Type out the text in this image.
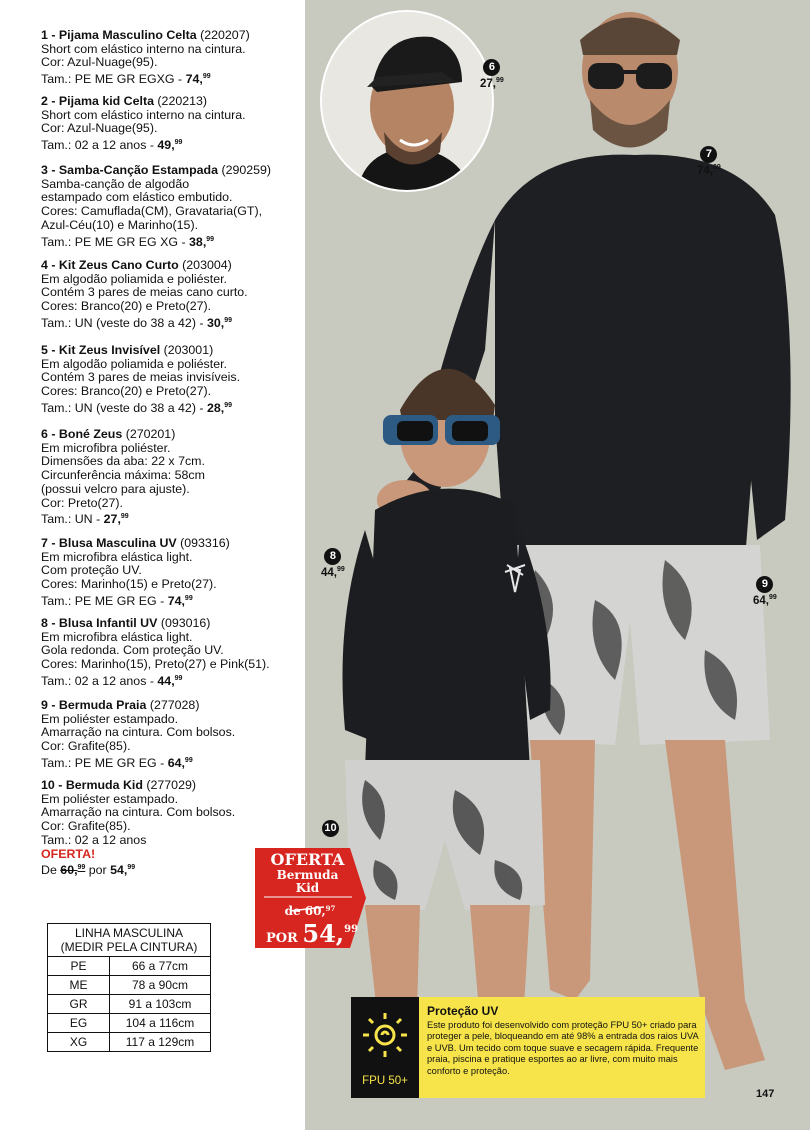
1 - Pijama Masculino Celta (220207)
Short com elástico interno na cintura.
Cor: Azul-Nuage(95).
Tam.: PE ME GR EGXG - 74,99
2 - Pijama kid Celta (220213)
Short com elástico interno na cintura.
Cor: Azul-Nuage(95).
Tam.: 02 a 12 anos - 49,99
3 - Samba-Canção Estampada (290259)
Samba-canção de algodão
estampado com elástico embutido.
Cores: Camuflada(CM), Gravataria(GT),
Azul-Céu(10) e Marinho(15).
Tam.: PE ME GR EG XG - 38,99
4 - Kit Zeus Cano Curto (203004)
Em algodão poliamida e poliéster.
Contém 3 pares de meias cano curto.
Cores: Branco(20) e Preto(27).
Tam.: UN (veste do 38 a 42) - 30,99
5 - Kit Zeus Invisível (203001)
Em algodão poliamida e poliéster.
Contém 3 pares de meias invisíveis.
Cores: Branco(20) e Preto(27).
Tam.: UN (veste do 38 a 42) - 28,99
6 - Boné Zeus (270201)
Em microfibra poliéster.
Dimensões da aba: 22 x 7cm.
Circunferência máxima: 58cm
(possui velcro para ajuste).
Cor: Preto(27).
Tam.: UN - 27,99
7 - Blusa Masculina UV (093316)
Em microfibra elástica light.
Com proteção UV.
Cores: Marinho(15) e Preto(27).
Tam.: PE ME GR EG - 74,99
8 - Blusa Infantil UV (093016)
Em microfibra elástica light.
Gola redonda. Com proteção UV.
Cores: Marinho(15), Preto(27) e Pink(51).
Tam.: 02 a 12 anos - 44,99
9 - Bermuda Praia (277028)
Em poliéster estampado.
Amarração na cintura. Com bolsos.
Cor: Grafite(85).
Tam.: PE ME GR EG - 64,99
10 - Bermuda Kid (277029)
Em poliéster estampado.
Amarração na cintura. Com bolsos.
Cor: Grafite(85).
Tam.: 02 a 12 anos
OFERTA!
De 60,99 por 54,99
LINHA MASCULINA
(MEDIR PELA CINTURA)	
PE	66 a 77cm
ME	78 a 90cm
GR	91 a 103cm
EG	104 a 116cm
XG	117 a 129cm
6
27,99
7
74,99
8
44,99
9
64,99
10
OFERTA
Bermuda
Kid
de 60,97
POR 54,99
FPU 50+
Proteção UV
Este produto foi desenvolvido com proteção FPU 50+ criado para proteger a pele, bloqueando em até 98% a entrada dos raios UVA e UVB. Um tecido com toque suave e secagem rápida. Frequente praia, piscina e pratique esportes ao ar livre, com muito mais conforto e proteção.
147
